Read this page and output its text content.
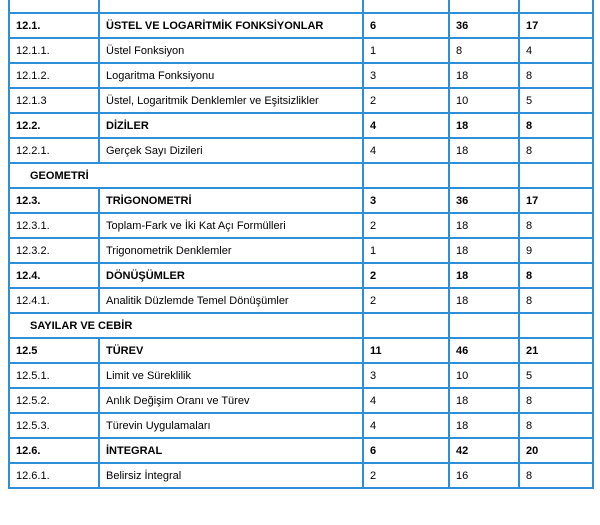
12.1.	ÜSTEL VE LOGARİTMİK FONKSİYONLAR	6	36	17
12.1.1.	Üstel Fonksiyon	1	8	4
12.1.2.	Logaritma Fonksiyonu	3	18	8
12.1.3	Üstel, Logaritmik Denklemler ve Eşitsizlikler	2	10	5
12.2.	DİZİLER	4	18	8
12.2.1.	Gerçek Sayı Dizileri	4	18	8
GEOMETRİ				
12.3.	TRİGONOMETRİ	3	36	17
12.3.1.	Toplam-Fark ve İki Kat Açı Formülleri	2	18	8
12.3.2.	Trigonometrik Denklemler	1	18	9
12.4.	DÖNÜŞÜMLER	2	18	8
12.4.1.	Analitik Düzlemde Temel Dönüşümler	2	18	8
SAYILAR VE CEBİR				
12.5	TÜREV	11	46	21
12.5.1.	Limit ve Süreklilik	3	10	5
12.5.2.	Anlık Değişim Oranı ve Türev	4	18	8
12.5.3.	Türevin Uygulamaları	4	18	8
12.6.	İNTEGRAL	6	42	20
12.6.1.	Belirsiz İntegral	2	16	8
